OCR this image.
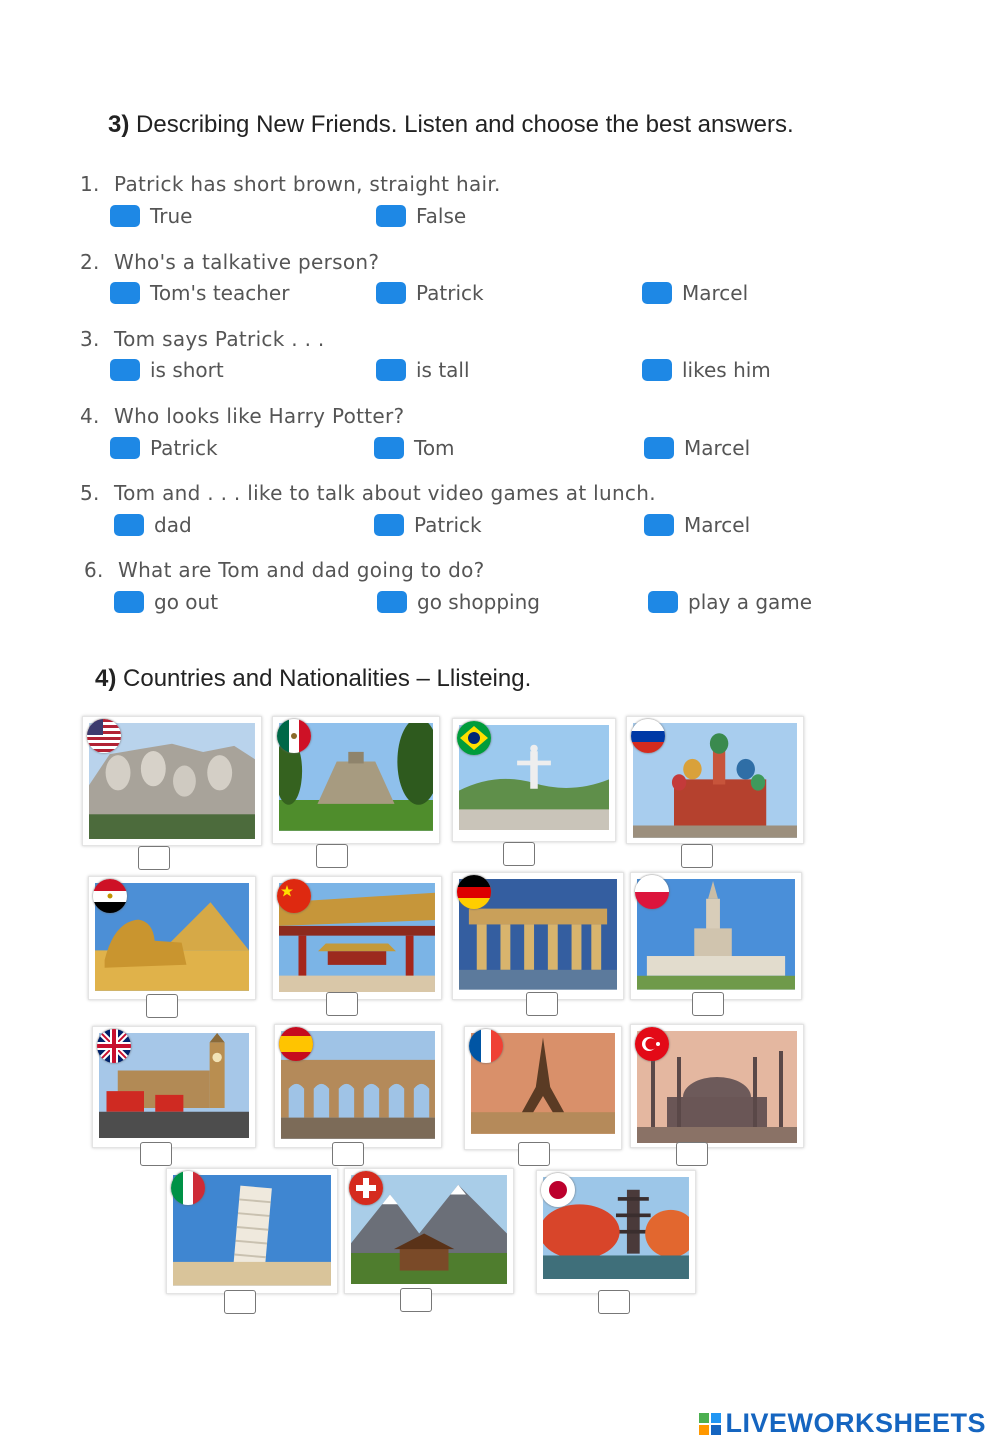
3) Describing New Friends. Listen and choose the best answers.
1. Patrick has short brown, straight hair.
True	False
2. Who's a talkative person?
Tom's teacher	Patrick	Marcel
3. Tom says Patrick . . .
is short	is tall	likes him
4. Who looks like Harry Potter?
Patrick	Tom	Marcel
5. Tom and . . . like to talk about video games at lunch.
dad	Patrick	Marcel
6. What are Tom and dad going to do?
go out	go shopping	play a game
4) Countries and Nationalities – Llisteing.
LIVEWORKSHEETS
